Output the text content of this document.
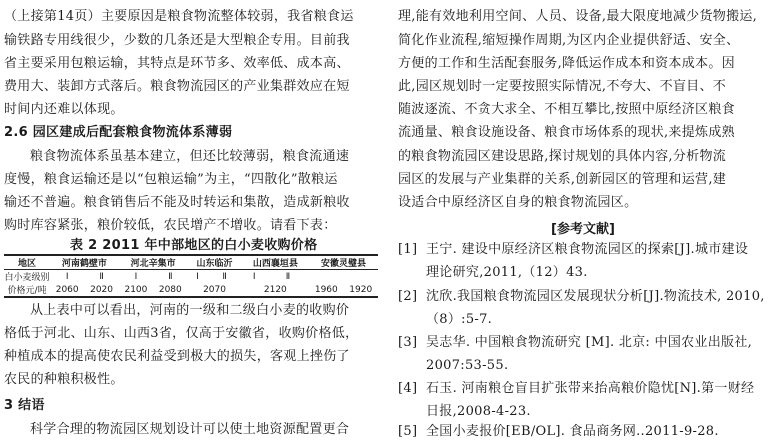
（上接第14页）主要原因是粮食物流整体较弱，我省粮食运
输铁路专用线很少，少数的几条还是大型粮企专用。目前我
省主要采用包粮运输，其特点是环节多、效率低、成本高、
费用大、装卸方式落后。粮食物流园区的产业集群效应在短
时间内还难以体现。
2.6 园区建成后配套粮食物流体系薄弱
粮食物流体系虽基本建立，但还比较薄弱，粮食流通速
度慢，粮食运输还是以“包粮运输”为主，“四散化”散粮运
输还不普遍。粮食销售后不能及时转运和集散，造成新粮收
购时库容紧张，粮价较低，农民增产不增收。请看下表：
表 2 2011 年中部地区的白小麦收购价格
地区	河南鹤壁市		河北辛集市		山东临沂		山西襄垣县		安徽灵璧县	
白小麦级别	Ⅰ	Ⅱ	Ⅰ	Ⅱ	Ⅰ	Ⅱ	Ⅰ	Ⅱ		
价格元/吨	2060	2020	2100	2080	2070		2120		1960	1920
从上表中可以看出，河南的一级和二级白小麦的收购价
格低于河北、山东、山西3省，仅高于安徽省，收购价格低，
种植成本的提高使农民利益受到极大的损失，客观上挫伤了
农民的种粮积极性。
3 结语
科学合理的物流园区规划设计可以使土地资源配置更合
理,能有效地利用空间、人员、设备,最大限度地减少货物搬运,
简化作业流程,缩短操作周期,为区内企业提供舒适、安全、
方便的工作和生活配套服务,降低运作成本和资本成本。因
此,园区规划时一定要按照实际情况,不夸大、不盲目、不
随波逐流、不贪大求全、不相互攀比,按照中原经济区粮食
流通量、粮食设施设备、粮食市场体系的现状,来提炼成熟
的粮食物流园区建设思路,探讨规划的具体内容,分析物流
园区的发展与产业集群的关系,创新园区的管理和运营,建
设适合中原经济区自身的粮食物流园区。
[参考文献]
[1] 王宁. 建设中原经济区粮食物流园区的探索[J].城市建设
理论研究,2011,（12）43.
[2] 沈欣.我国粮食物流园区发展现状分析[J].物流技术, 2010,
（8）:5-7.
[3] 吴志华. 中国粮食物流研究 [M]. 北京: 中国农业出版社,
2007:53-55.
[4] 石玉. 河南粮仓盲目扩张带来抬高粮价隐忧[N].第一财经
日报,2008-4-23.
[5] 全国小麦报价[EB/OL]. 食品商务网..2011-9-28.
